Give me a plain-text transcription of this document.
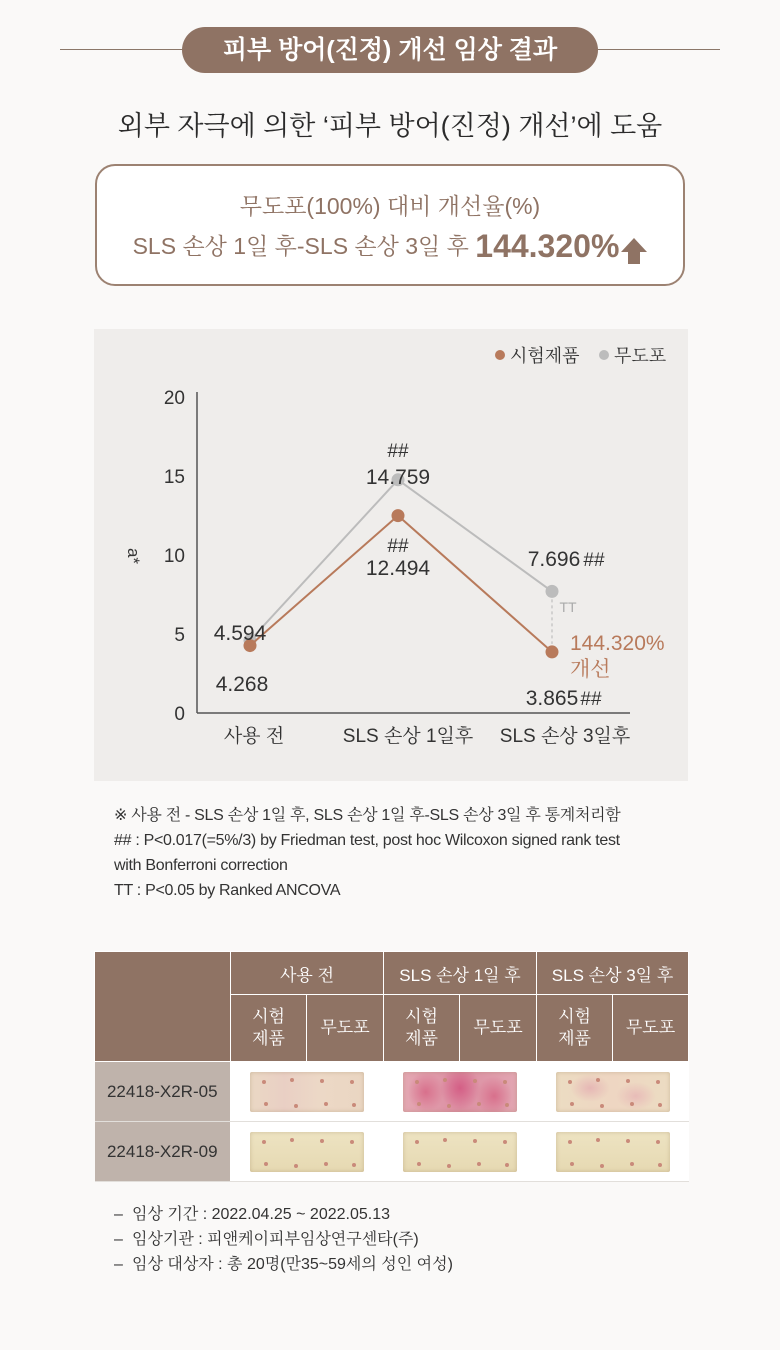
피부 방어(진정) 개선 임상 결과
외부 자극에 의한 ‘피부 방어(진정) 개선’에 도움
무도포(100%) 대비 개선율(%)
SLS 손상 1일 후-SLS 손상 3일 후 144.320%
시험제품 무도포
0
5
10
15
20
사용 전	SLS 손상 1일후 SLS 손상 3일후
a*
4.594
4.268
##
14.759
##
12.494	7.696 ##
3.865 ##
TT
144.320%
개선
※ 사용 전 - SLS 손상 1일 후, SLS 손상 1일 후-SLS 손상 3일 후 통계처리함
## : P<0.017(=5%/3) by Friedman test, post hoc Wilcoxon signed rank test
with Bonferroni correction
TT : P<0.05 by Ranked ANCOVA
	사용 전		SLS 손상 1일 후		SLS 손상 3일 후	
	시험
제품	무도포	시험
제품	무도포	시험
제품	무도포
22418-X2R-05				

22418-X2R-09				

– 임상 기간 : 2022.04.25 ~ 2022.05.13
– 임상기관 : 피앤케이피부임상연구센타(주)
– 임상 대상자 : 총 20명(만35~59세의 성인 여성)
